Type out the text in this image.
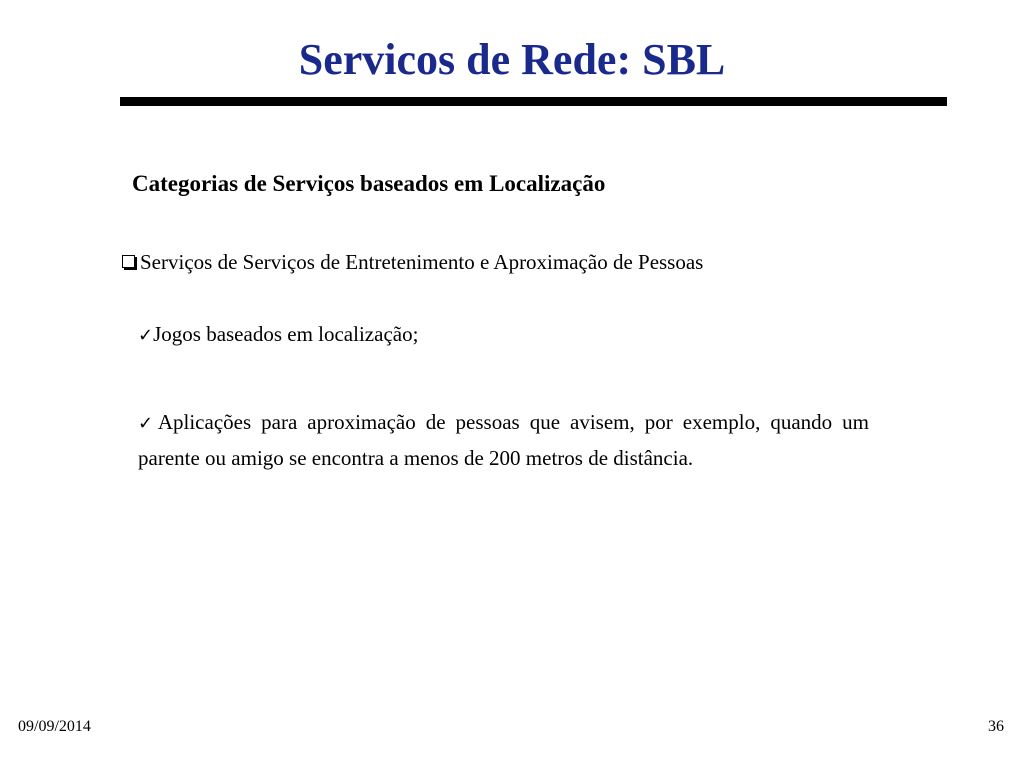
Servicos de Rede: SBL
Categorias de Serviços baseados em Localização
Serviços de Serviços de Entretenimento e Aproximação de Pessoas
✓Jogos baseados em localização;
✓Aplicações para aproximação de pessoas que avisem, por exemplo, quando um parente ou amigo se encontra a menos de 200 metros de distância.
09/09/2014	36
